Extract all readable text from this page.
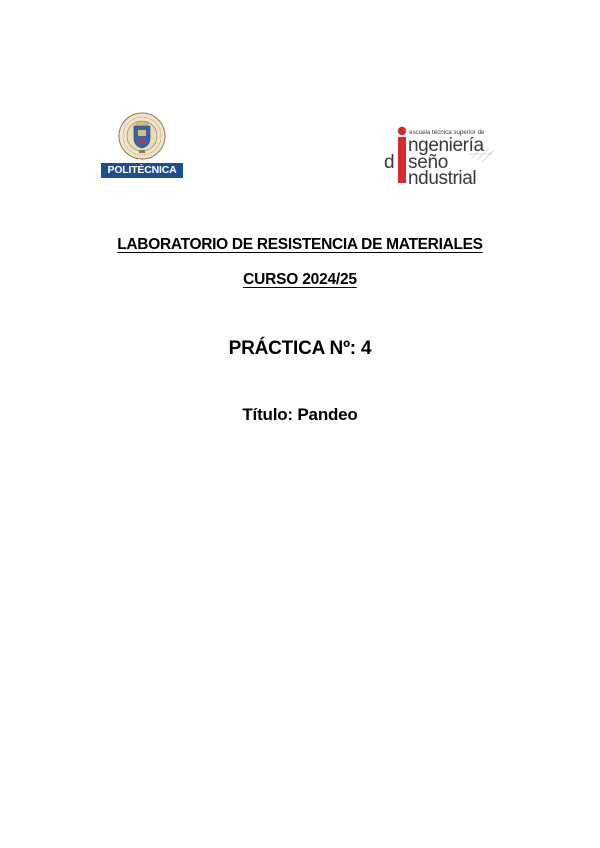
POLITÉCNICA
escuela técnica superior de
ngeniería
d seño
ndustrial
LABORATORIO DE RESISTENCIA DE MATERIALES
CURSO 2024/25
PRÁCTICA Nº: 4
Título: Pandeo
